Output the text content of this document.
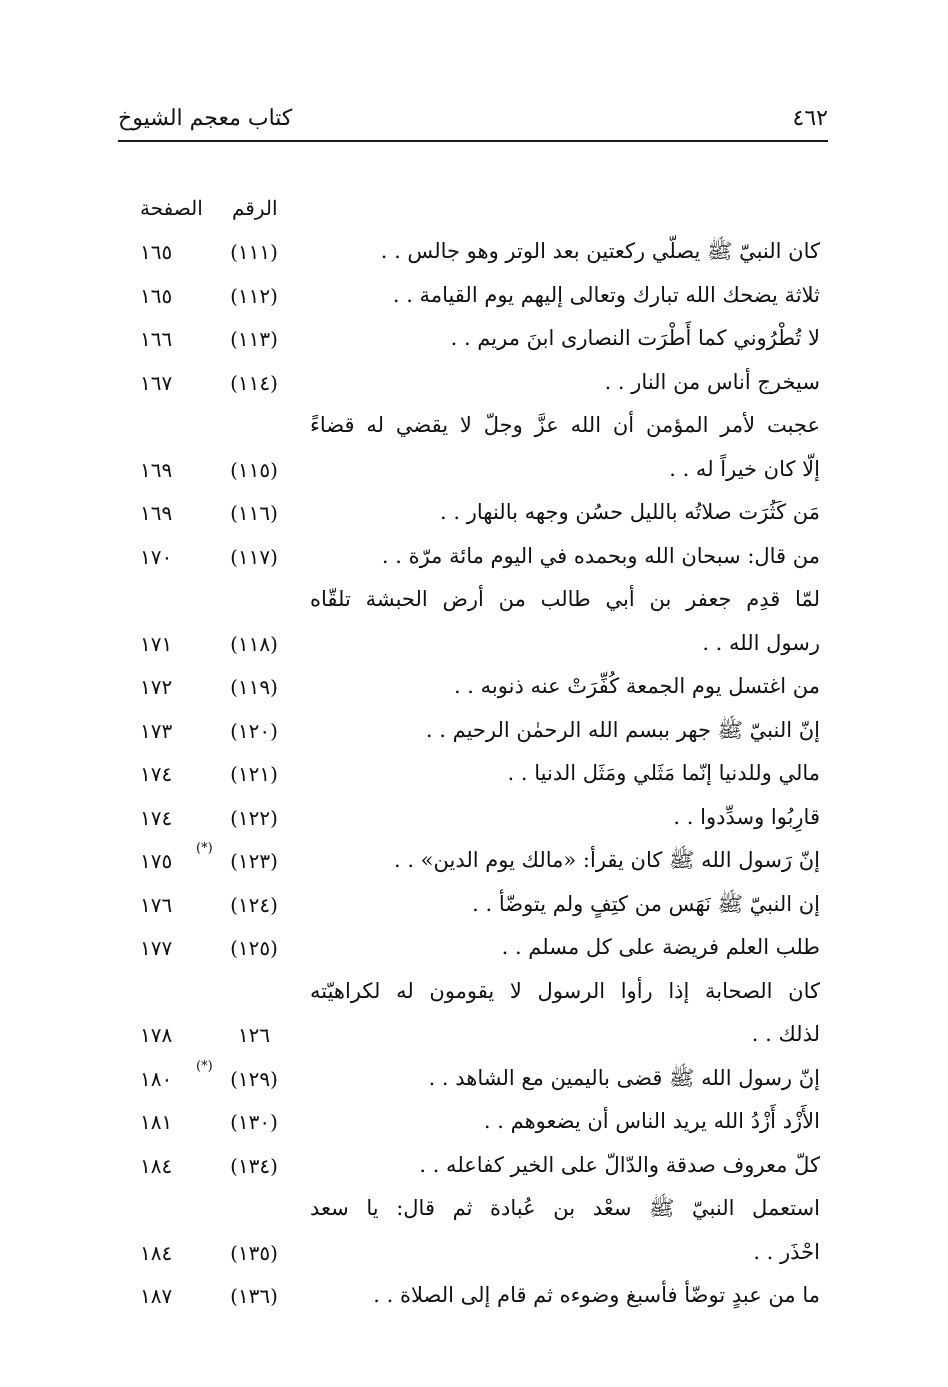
كتاب معجم الشيوخ	٤٦٢
الرقم
الصفحة
كان النبيّ ﷺ يصلّي ركعتين بعد الوتر وهو جالس . .
(١١١)
١٦٥
ثلاثة يضحك الله تبارك وتعالى إليهم يوم القيامة . .
(١١٢)
١٦٥
لا تُطْرُوني كما أَطْرَت النصارى ابنَ مريم . .
(١١٣)
١٦٦
سيخرج أناس من النار . .
(١١٤)
١٦٧
عجبت لأمر المؤمن أن الله عزَّ وجلّ لا يقضي له قضاءً
إلّا كان خيراً له . .
(١١٥)
١٦٩
مَن كَثُرَت صلاتُه بالليل حسُن وجهه بالنهار . .
(١١٦)
١٦٩
من قال: سبحان الله وبحمده في اليوم مائة مرّة . .
(١١٧)
١٧٠
لمّا قدِم جعفر بن أبي طالب من أرض الحبشة تلقّاه
رسول الله . .
(١١٨)
١٧١
من اغتسل يوم الجمعة كُفِّرَتْ عنه ذنوبه . .
(١١٩)
١٧٢
إنّ النبيّ ﷺ جهر ببسم الله الرحمٰن الرحيم . .
(١٢٠)
١٧٣
مالي وللدنيا إنّما مَثَلي ومَثَل الدنيا . .
(١٢١)
١٧٤
قارِبُوا وسدِّدوا . .
(١٢٢)
١٧٤
إنّ رَسول الله ﷺ كان يقرأ: «مالك يوم الدين» . .
(١٢٣)
(*)
١٧٥
إن النبيّ ﷺ نَهَس من كتِفٍ ولم يتوضّأ . .
(١٢٤)
١٧٦
طلب العلم فريضة على كل مسلم . .
(١٢٥)
١٧٧
كان الصحابة إذا رأوا الرسول لا يقومون له لكراهيّته
لذلك . .
١٢٦
١٧٨
إنّ رسول الله ﷺ قضى باليمين مع الشاهد . .
(١٢٩)
(*)
١٨٠
الأَزْد أَزْدُ الله يريد الناس أن يضعوهم . .
(١٣٠)
١٨١
كلّ معروف صدقة والدّالّ على الخير كفاعله . .
(١٣٤)
١٨٤
استعمل النبيّ ﷺ سعْد بن عُبادة ثم قال: يا سعد
احْذَر . .
(١٣٥)
١٨٤
ما من عبدٍ توضّأ فأسبغ وضوءه ثم قام إلى الصلاة . .
(١٣٦)
١٨٧
